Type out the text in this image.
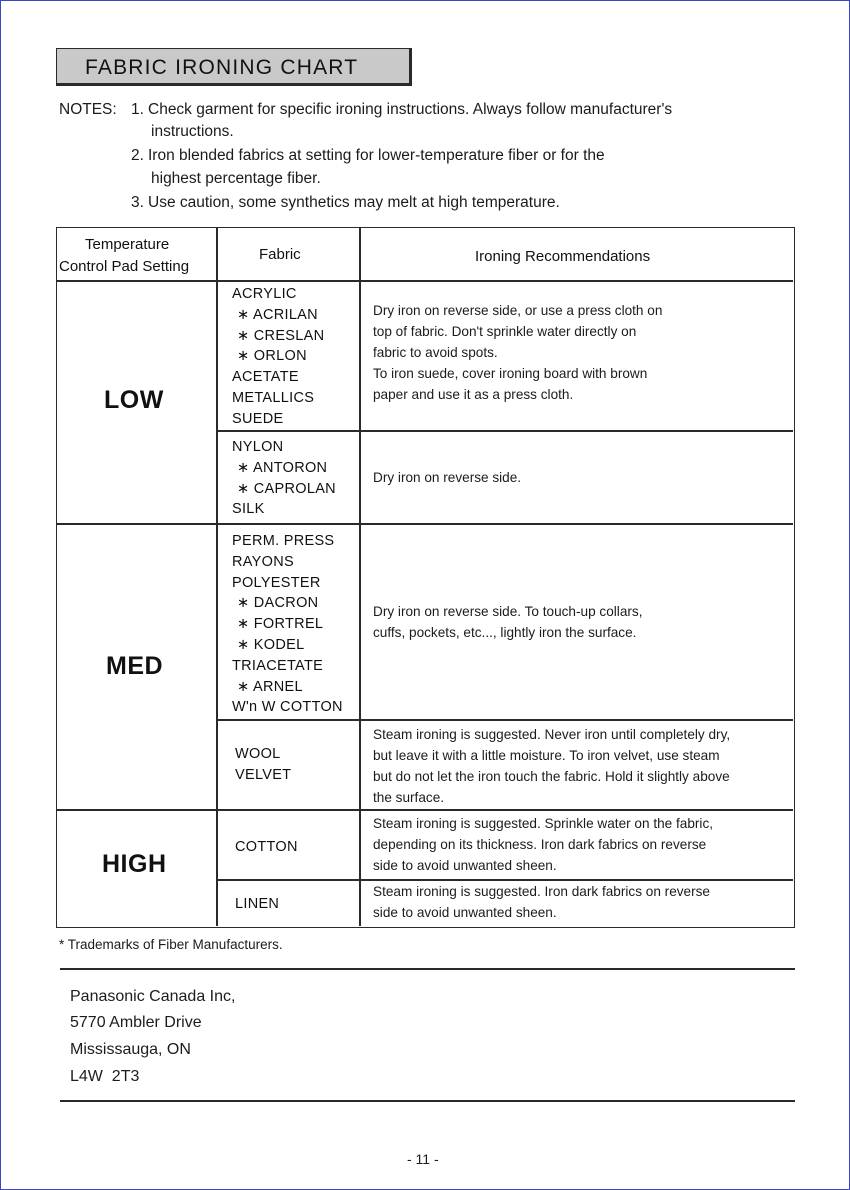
FABRIC IRONING CHART
NOTES: 1. Check garment for specific ironing instructions. Always follow manufacturer's
instructions.
2. Iron blended fabrics at setting for lower-temperature fiber or for the
highest percentage fiber.
3. Use caution, some synthetics may melt at high temperature.
Temperature
Control Pad Setting
Fabric	Ironing Recommendations
LOW
ACRYLIC
∗ ACRILAN
∗ CRESLAN
∗ ORLON
ACETATE
METALLICS
SUEDE
Dry iron on reverse side, or use a press cloth on
top of fabric. Don't sprinkle water directly on
fabric to avoid spots.
To iron suede, cover ironing board with brown
paper and use it as a press cloth.
NYLON
∗ ANTORON
∗ CAPROLAN
SILK
Dry iron on reverse side.
MED
PERM. PRESS
RAYONS
POLYESTER
∗ DACRON
∗ FORTREL
∗ KODEL
TRIACETATE
∗ ARNEL
W'n W COTTON
Dry iron on reverse side. To touch-up collars,
cuffs, pockets, etc..., lightly iron the surface.
WOOL
VELVET
Steam ironing is suggested. Never iron until completely dry,
but leave it with a little moisture. To iron velvet, use steam
but do not let the iron touch the fabric. Hold it slightly above
the surface.
HIGH
COTTON
Steam ironing is suggested. Sprinkle water on the fabric,
depending on its thickness. Iron dark fabrics on reverse
side to avoid unwanted sheen.
LINEN
Steam ironing is suggested. Iron dark fabrics on reverse
side to avoid unwanted sheen.
* Trademarks of Fiber Manufacturers.
Panasonic Canada Inc,
5770 Ambler Drive
Mississauga, ON
L4W  2T3
- 11 -
